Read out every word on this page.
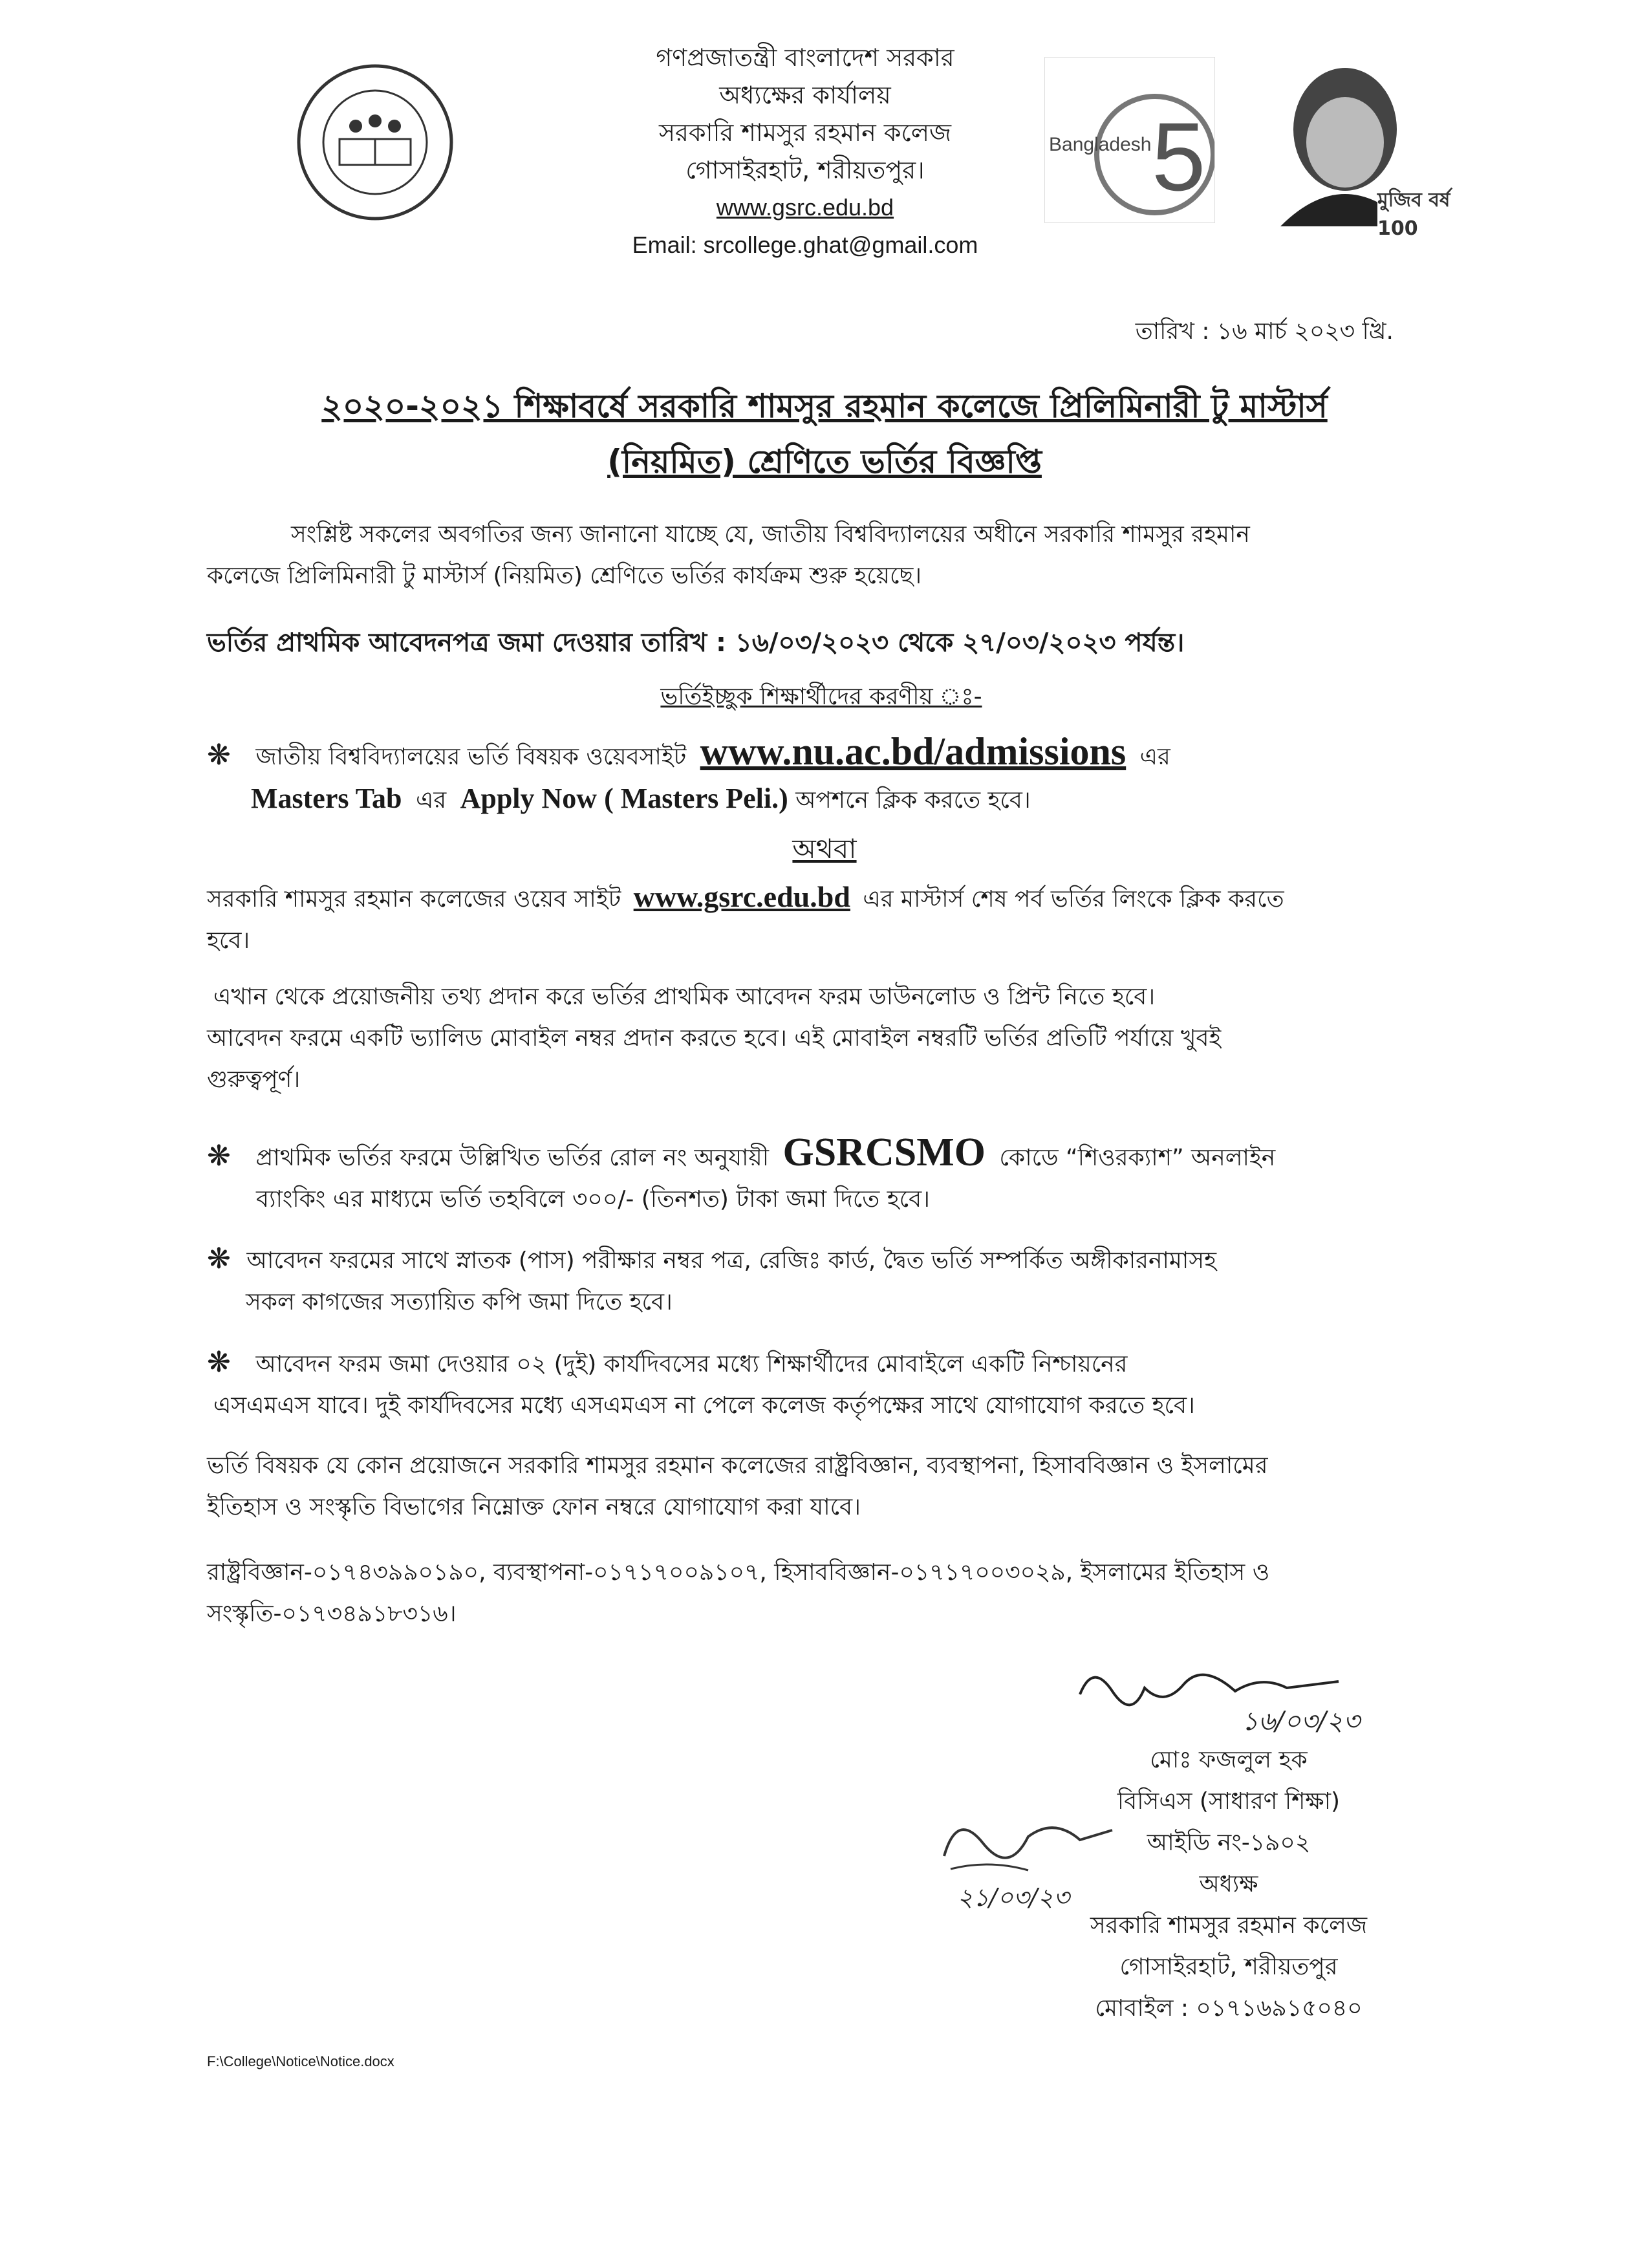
5
Bangladesh
মুজিব বর্ষ 100
গণপ্রজাতন্ত্রী বাংলাদেশ সরকার
অধ্যক্ষের কার্যালয়
সরকারি শামসুর রহমান কলেজ
গোসাইরহাট, শরীয়তপুর।
www.gsrc.edu.bd
Email: srcollege.ghat@gmail.com
তারিখ : ১৬ মার্চ ২০২৩ খ্রি.
২০২০-২০২১ শিক্ষাবর্ষে সরকারি শামসুর রহমান কলেজে প্রিলিমিনারী টু মাস্টার্স
(নিয়মিত) শ্রেণিতে ভর্তির বিজ্ঞপ্তি
সংশ্লিষ্ট সকলের অবগতির জন্য জানানো যাচ্ছে যে, জাতীয় বিশ্ববিদ্যালয়ের অধীনে সরকারি শামসুর রহমান
কলেজে প্রিলিমিনারী টু মাস্টার্স (নিয়মিত) শ্রেণিতে ভর্তির কার্যক্রম শুরু হয়েছে।
ভর্তির প্রাথমিক আবেদনপত্র জমা দেওয়ার তারিখ : ১৬/০৩/২০২৩ থেকে ২৭/০৩/২০২৩ পর্যন্ত।
ভর্তিইচ্ছুক শিক্ষার্থীদের করণীয় ঃ-
❋ জাতীয় বিশ্ববিদ্যালয়ের ভর্তি বিষয়ক ওয়েবসাইট www.nu.ac.bd/admissions এর
Masters Tab এর Apply Now ( Masters Peli.) অপশনে ক্লিক করতে হবে।
অথবা
সরকারি শামসুর রহমান কলেজের ওয়েব সাইট www.gsrc.edu.bd এর মাস্টার্স শেষ পর্ব ভর্তির লিংকে ক্লিক করতে
হবে।
এখান থেকে প্রয়োজনীয় তথ্য প্রদান করে ভর্তির প্রাথমিক আবেদন ফরম ডাউনলোড ও প্রিন্ট নিতে হবে।
আবেদন ফরমে একটি ভ্যালিড মোবাইল নম্বর প্রদান করতে হবে। এই মোবাইল নম্বরটি ভর্তির প্রতিটি পর্যায়ে খুবই
গুরুত্বপূর্ণ।
❋ প্রাথমিক ভর্তির ফরমে উল্লিখিত ভর্তির রোল নং অনুযায়ী GSRCSMO কোডে “শিওরক্যাশ” অনলাইন
ব্যাংকিং এর মাধ্যমে ভর্তি তহবিলে ৩০০/- (তিনশত) টাকা জমা দিতে হবে।
❋ আবেদন ফরমের সাথে স্নাতক (পাস) পরীক্ষার নম্বর পত্র, রেজিঃ কার্ড, দ্বৈত ভর্তি সম্পর্কিত অঙ্গীকারনামাসহ
সকল কাগজের সত্যায়িত কপি জমা দিতে হবে।
❋ আবেদন ফরম জমা দেওয়ার ০২ (দুই) কার্যদিবসের মধ্যে শিক্ষার্থীদের মোবাইলে একটি নিশ্চায়নের
এসএমএস যাবে। দুই কার্যদিবসের মধ্যে এসএমএস না পেলে কলেজ কর্তৃপক্ষের সাথে যোগাযোগ করতে হবে।
ভর্তি বিষয়ক যে কোন প্রয়োজনে সরকারি শামসুর রহমান কলেজের রাষ্ট্রবিজ্ঞান, ব্যবস্থাপনা, হিসাববিজ্ঞান ও ইসলামের
ইতিহাস ও সংস্কৃতি বিভাগের নিম্নোক্ত ফোন নম্বরে যোগাযোগ করা যাবে।
রাষ্ট্রবিজ্ঞান-০১৭৪৩৯৯০১৯০, ব্যবস্থাপনা-০১৭১৭০০৯১০৭, হিসাববিজ্ঞান-০১৭১৭০০৩০২৯, ইসলামের ইতিহাস ও
সংস্কৃতি-০১৭৩৪৯১৮৩১৬।
১৬/০৩/২৩
মোঃ ফজলুল হক
বিসিএস (সাধারণ শিক্ষা)
আইডি নং-১৯০২
অধ্যক্ষ
সরকারি শামসুর রহমান কলেজ
গোসাইরহাট, শরীয়তপুর
মোবাইল : ০১৭১৬৯১৫০৪০
২১/০৩/২৩
F:\College\Notice\Notice.docx
